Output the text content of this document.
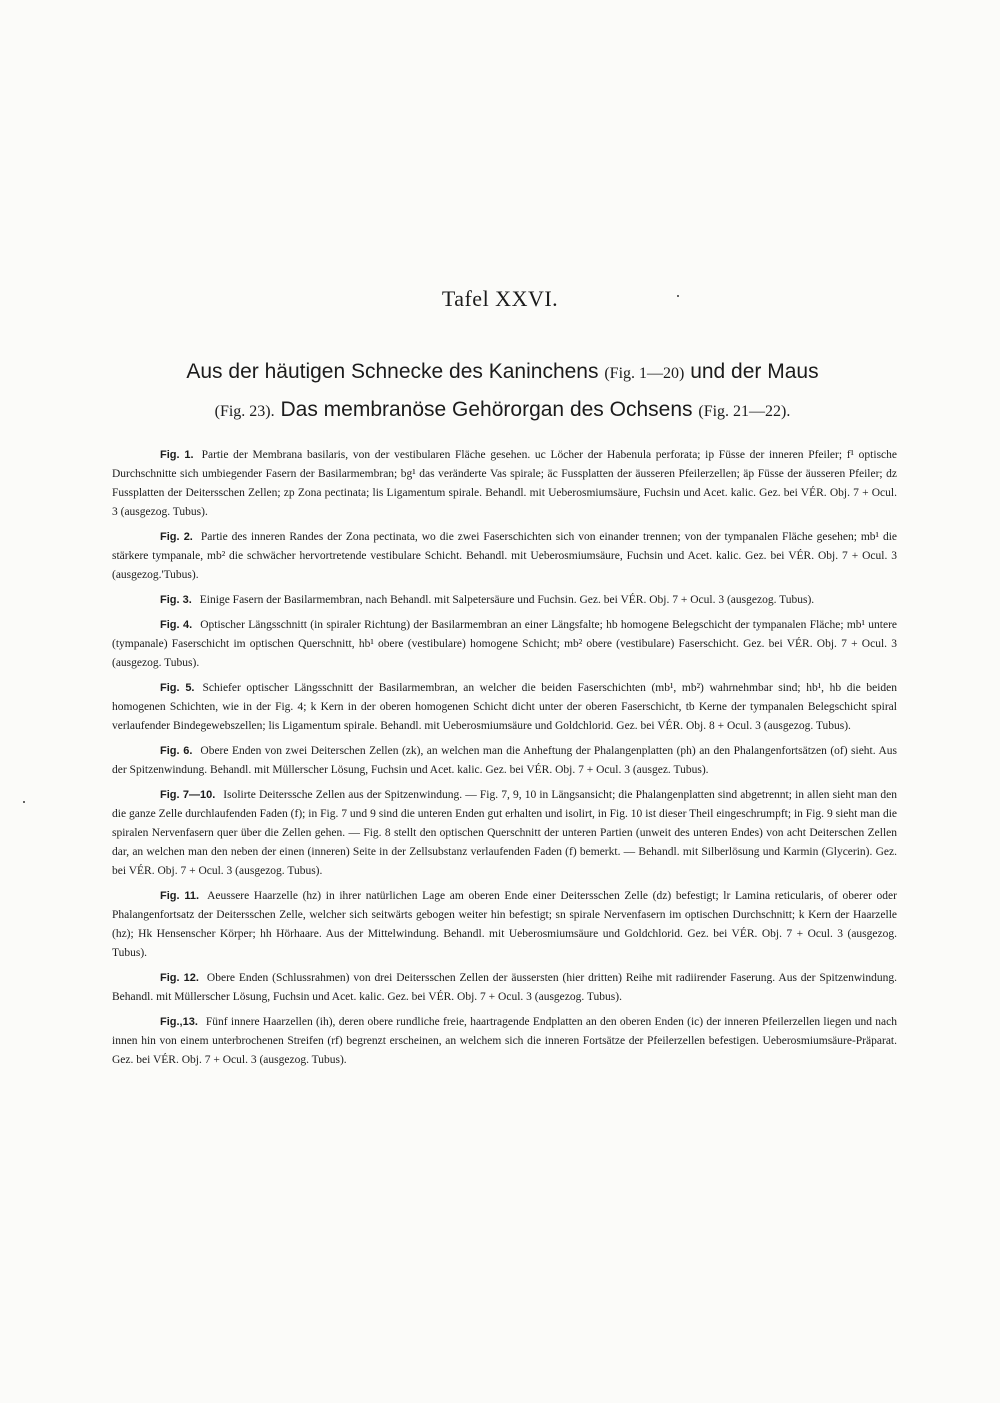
Tafel XXVI.
Aus der häutigen Schnecke des Kaninchens (Fig. 1—20) und der Maus
(Fig. 23). Das membranöse Gehörorgan des Ochsens (Fig. 21—22).

Fig. 1. Partie der Membrana basilaris, von der vestibularen Fläche gesehen. uc Löcher der Habenula perforata; ip Füsse der inneren Pfeiler; f¹ optische Durchschnitte sich umbiegender Fasern der Basilarmembran; bg¹ das veränderte Vas spirale; äc Fussplatten der äusseren Pfeilerzellen; äp Füsse der äusseren Pfeiler; dz Fussplatten der Deitersschen Zellen; zp Zona pectinata; lis Ligamentum spirale. Behandl. mit Ueberosmiumsäure, Fuchsin und Acet. kalic. Gez. bei VÉR. Obj. 7 + Ocul. 3 (ausgezog. Tubus).

Fig. 2. Partie des inneren Randes der Zona pectinata, wo die zwei Faserschichten sich von einander trennen; von der tympanalen Fläche gesehen; mb¹ die stärkere tympanale, mb² die schwächer hervortretende vestibulare Schicht. Behandl. mit Ueberosmiumsäure, Fuchsin und Acet. kalic. Gez. bei VÉR. Obj. 7 + Ocul. 3 (ausgezog.'Tubus).

Fig. 3. Einige Fasern der Basilarmembran, nach Behandl. mit Salpetersäure und Fuchsin. Gez. bei VÉR. Obj. 7 + Ocul. 3 (ausgezog. Tubus).

Fig. 4. Optischer Längsschnitt (in spiraler Richtung) der Basilarmembran an einer Längsfalte; hb homogene Belegschicht der tympanalen Fläche; mb¹ untere (tympanale) Faserschicht im optischen Querschnitt, hb¹ obere (vestibulare) homogene Schicht; mb² obere (vestibulare) Faserschicht. Gez. bei VÉR. Obj. 7 + Ocul. 3 (ausgezog. Tubus).

Fig. 5. Schiefer optischer Längsschnitt der Basilarmembran, an welcher die beiden Faserschichten (mb¹, mb²) wahrnehmbar sind; hb¹, hb die beiden homogenen Schichten, wie in der Fig. 4; k Kern in der oberen homogenen Schicht dicht unter der oberen Faserschicht, tb Kerne der tympanalen Belegschicht spiral verlaufender Bindegewebszellen; lis Ligamentum spirale. Behandl. mit Ueberosmiumsäure und Goldchlorid. Gez. bei VÉR. Obj. 8 + Ocul. 3 (ausgezog. Tubus).

Fig. 6. Obere Enden von zwei Deiterschen Zellen (zk), an welchen man die Anheftung der Phalangenplatten (ph) an den Phalangenfortsätzen (of) sieht. Aus der Spitzenwindung. Behandl. mit Müllerscher Lösung, Fuchsin und Acet. kalic. Gez. bei VÉR. Obj. 7 + Ocul. 3 (ausgez. Tubus).

Fig. 7—10. Isolirte Deiterssche Zellen aus der Spitzenwindung. — Fig. 7, 9, 10 in Längsansicht; die Phalangenplatten sind abgetrennt; in allen sieht man den die ganze Zelle durchlaufenden Faden (f); in Fig. 7 und 9 sind die unteren Enden gut erhalten und isolirt, in Fig. 10 ist dieser Theil eingeschrumpft; in Fig. 9 sieht man die spiralen Nervenfasern quer über die Zellen gehen. — Fig. 8 stellt den optischen Querschnitt der unteren Partien (unweit des unteren Endes) von acht Deiterschen Zellen dar, an welchen man den neben der einen (inneren) Seite in der Zellsubstanz verlaufenden Faden (f) bemerkt. — Behandl. mit Silberlösung und Karmin (Glycerin). Gez. bei VÉR. Obj. 7 + Ocul. 3 (ausgezog. Tubus).

Fig. 11. Aeussere Haarzelle (hz) in ihrer natürlichen Lage am oberen Ende einer Deitersschen Zelle (dz) befestigt; lr Lamina reticularis, of oberer oder Phalangenfortsatz der Deitersschen Zelle, welcher sich seitwärts gebogen weiter hin befestigt; sn spirale Nervenfasern im optischen Durchschnitt; k Kern der Haarzelle (hz); Hk Hensenscher Körper; hh Hörhaare. Aus der Mittelwindung. Behandl. mit Ueberosmiumsäure und Goldchlorid. Gez. bei VÉR. Obj. 7 + Ocul. 3 (ausgezog. Tubus).

Fig. 12. Obere Enden (Schlussrahmen) von drei Deitersschen Zellen der äussersten (hier dritten) Reihe mit radiirender Faserung. Aus der Spitzenwindung. Behandl. mit Müllerscher Lösung, Fuchsin und Acet. kalic. Gez. bei VÉR. Obj. 7 + Ocul. 3 (ausgezog. Tubus).

Fig.‚13. Fünf innere Haarzellen (ih), deren obere rundliche freie, haartragende Endplatten an den oberen Enden (ic) der inneren Pfeilerzellen liegen und nach innen hin von einem unterbrochenen Streifen (rf) begrenzt erscheinen, an welchem sich die inneren Fortsätze der Pfeilerzellen befestigen. Ueberosmiumsäure-Präparat. Gez. bei VÉR. Obj. 7 + Ocul. 3 (ausgezog. Tubus).
